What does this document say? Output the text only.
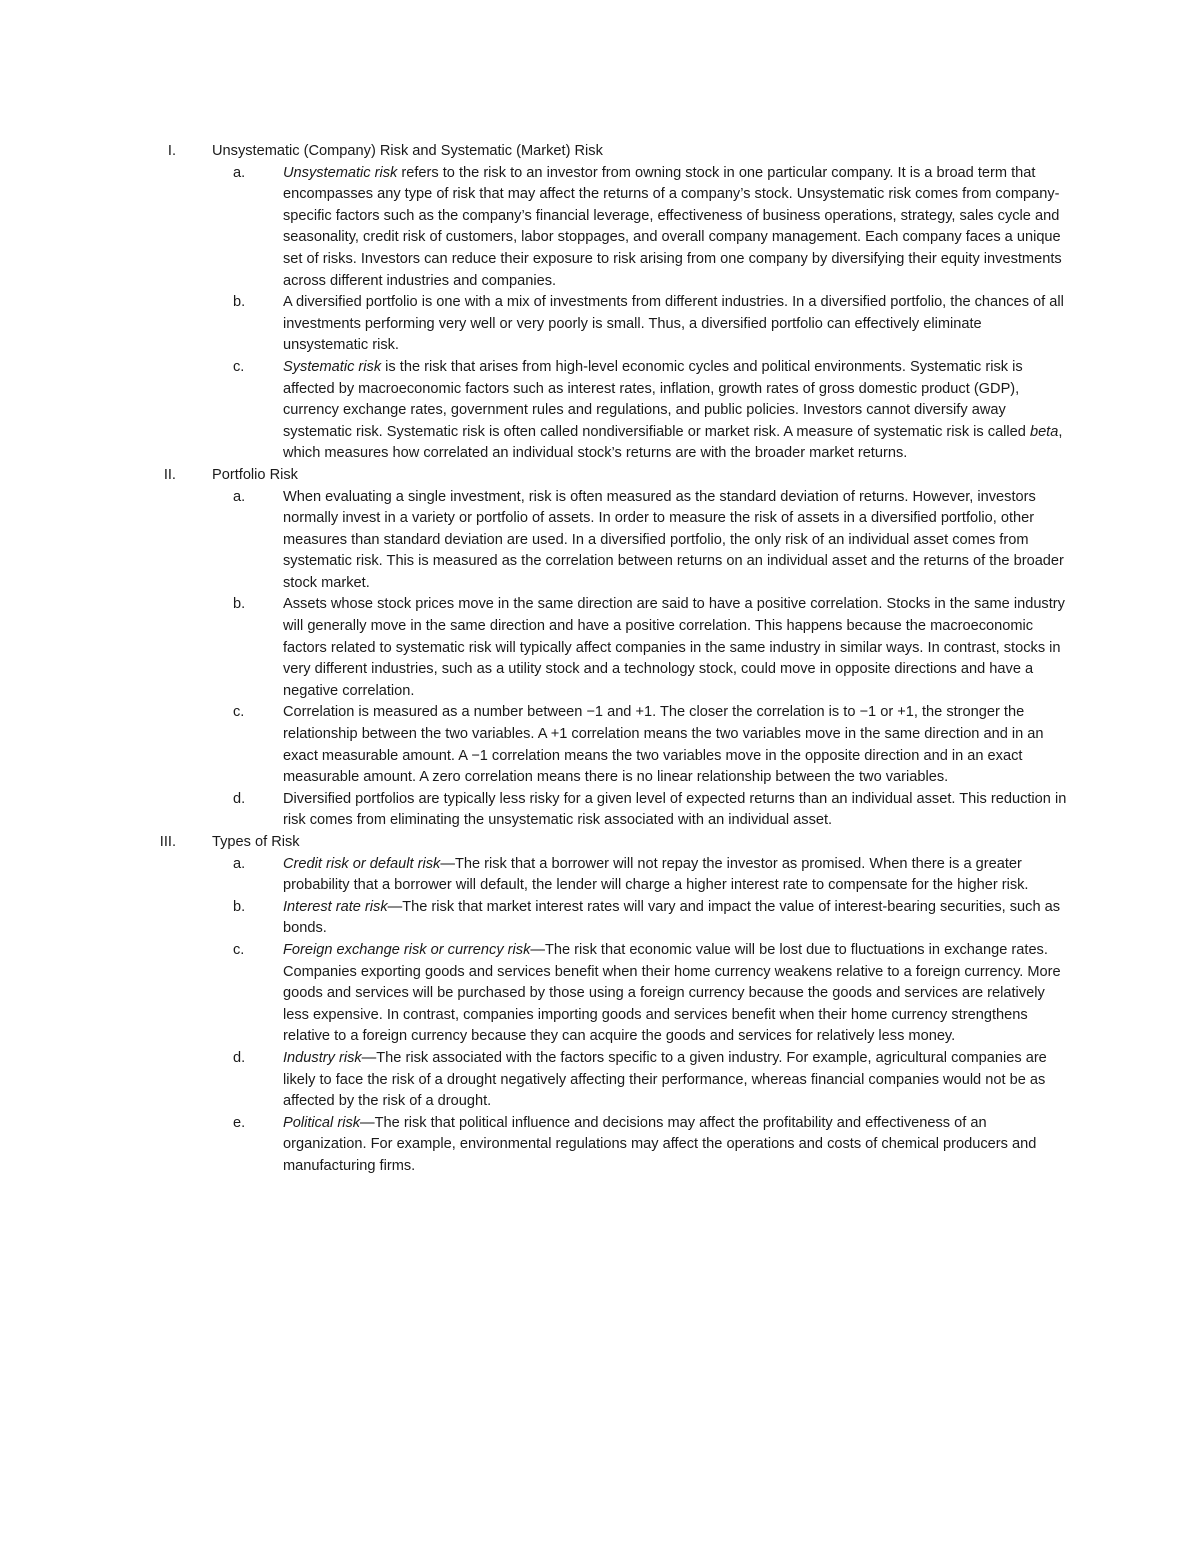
I. Unsystematic (Company) Risk and Systematic (Market) Risk
a.	Unsystematic risk refers to the risk to an investor from owning stock in one particular company. It is a broad term that encompasses any type of risk that may affect the returns of a company’s stock. Unsystematic risk comes from company-specific factors such as the company’s financial leverage, effectiveness of business operations, strategy, sales cycle and seasonality, credit risk of customers, labor stoppages, and overall company management. Each company faces a unique set of risks. Investors can reduce their exposure to risk arising from one company by diversifying their equity investments across different industries and companies.
b.	A diversified portfolio is one with a mix of investments from different industries. In a diversified portfolio, the chances of all investments performing very well or very poorly is small. Thus, a diversified portfolio can effectively eliminate unsystematic risk.
c.	Systematic risk is the risk that arises from high-level economic cycles and political environments. Systematic risk is affected by macroeconomic factors such as interest rates, inflation, growth rates of gross domestic product (GDP), currency exchange rates, government rules and regulations, and public policies. Investors cannot diversify away systematic risk. Systematic risk is often called nondiversifiable or market risk. A measure of systematic risk is called beta, which measures how correlated an individual stock’s returns are with the broader market returns.
II. Portfolio Risk
a.	When evaluating a single investment, risk is often measured as the standard deviation of returns. However, investors normally invest in a variety or portfolio of assets. In order to measure the risk of assets in a diversified portfolio, other measures than standard deviation are used. In a diversified portfolio, the only risk of an individual asset comes from systematic risk. This is measured as the correlation between returns on an individual asset and the returns of the broader stock market.
b.	Assets whose stock prices move in the same direction are said to have a positive correlation. Stocks in the same industry will generally move in the same direction and have a positive correlation. This happens because the macroeconomic factors related to systematic risk will typically affect companies in the same industry in similar ways. In contrast, stocks in very different industries, such as a utility stock and a technology stock, could move in opposite directions and have a negative correlation.
c.	Correlation is measured as a number between −1 and +1. The closer the correlation is to −1 or +1, the stronger the relationship between the two variables. A +1 correlation means the two variables move in the same direction and in an exact measurable amount. A −1 correlation means the two variables move in the opposite direction and in an exact measurable amount. A zero correlation means there is no linear relationship between the two variables.
d.	Diversified portfolios are typically less risky for a given level of expected returns than an individual asset. This reduction in risk comes from eliminating the unsystematic risk associated with an individual asset.
III. Types of Risk
a.	Credit risk or default risk—The risk that a borrower will not repay the investor as promised. When there is a greater probability that a borrower will default, the lender will charge a higher interest rate to compensate for the higher risk.
b.	Interest rate risk—The risk that market interest rates will vary and impact the value of interest-bearing securities, such as bonds.
c.	Foreign exchange risk or currency risk—The risk that economic value will be lost due to fluctuations in exchange rates. Companies exporting goods and services benefit when their home currency weakens relative to a foreign currency. More goods and services will be purchased by those using a foreign currency because the goods and services are relatively less expensive. In contrast, companies importing goods and services benefit when their home currency strengthens relative to a foreign currency because they can acquire the goods and services for relatively less money.
d.	Industry risk—The risk associated with the factors specific to a given industry. For example, agricultural companies are likely to face the risk of a drought negatively affecting their performance, whereas financial companies would not be as affected by the risk of a drought.
e.	Political risk—The risk that political influence and decisions may affect the profitability and effectiveness of an organization. For example, environmental regulations may affect the operations and costs of chemical producers and manufacturing firms.
